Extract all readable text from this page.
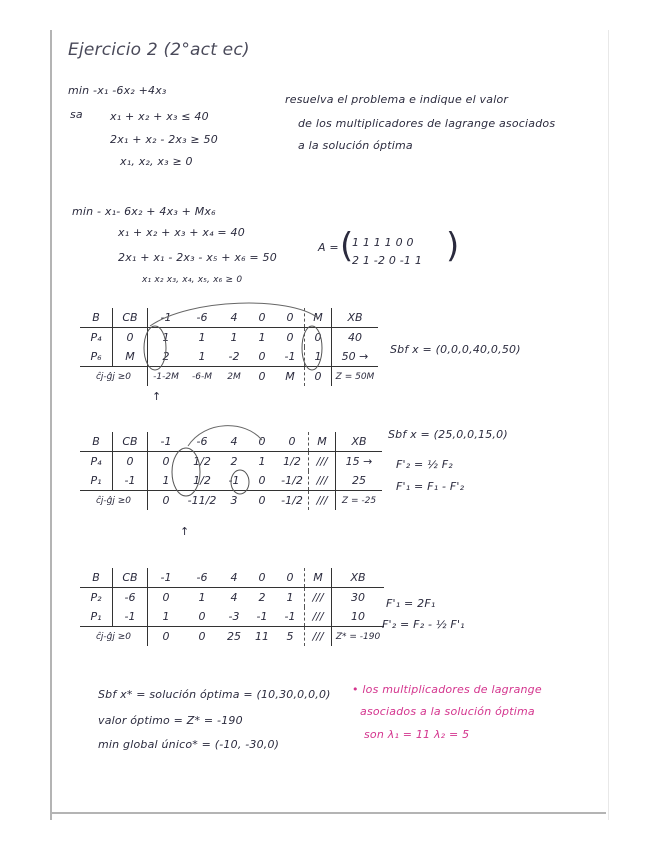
Ejercicio 2 (2°act ec)
min -x₁ -6x₂ +4x₃
sa x₁ + x₂ + x₃ ≤ 40
2x₁ + x₂ - 2x₃ ≥ 50
x₁, x₂, x₃ ≥ 0
resuelva el problema e indique el valor
de los multiplicadores de lagrange asociados
a la solución óptima
min - x₁- 6x₂ + 4x₃ + Mx₆
x₁ + x₂ + x₃ + x₄ = 40
2x₁ + x₁ - 2x₃ - x₅ + x₆ = 50
x₁ x₂ x₃, x₄, x₅, x₆ ≥ 0
A = (
1 1 1 1 0 0
2 1 -2 0 -1 1 )
B	CB	-1	-6	4	0	0	M	XB
P₄	0	1	1	1	1	0	0	40
P₆	M	2	1	-2	0	-1	1	50 →
ĉj-ĝj ≥0		-1-2M	-6-M	2M	0	M	0	Z = 50M
↑
Sbf x = (0,0,0,40,0,50)
B	CB	-1	-6	4	0	0	M	XB
P₄	0	0	1/2	2	1	1/2	///	15 →
P₁	-1	1	1/2	-1	0	-1/2	///	25
ĉj-ĝj ≥0		0	-11/2	3	0	-1/2	///	Z = -25
↑
Sbf x = (25,0,0,15,0)
F'₂ = ½ F₂
F'₁ = F₁ - F'₂
B	CB	-1	-6	4	0	0	M	XB
P₂	-6	0	1	4	2	1	///	30
P₁	-1	1	0	-3	-1	-1	///	10
ĉj-ĝj ≥0		0	0	25	11	5	///	Z* = -190
F'₁ = 2F₁
F'₂ = F₂ - ½ F'₁
Sbf x* = solución óptima = (10,30,0,0,0)
valor óptimo = Z* = -190
min global único* = (-10, -30,0)
• los multiplicadores de lagrange
asociados a la solución óptima
son λ₁ = 11 λ₂ = 5
